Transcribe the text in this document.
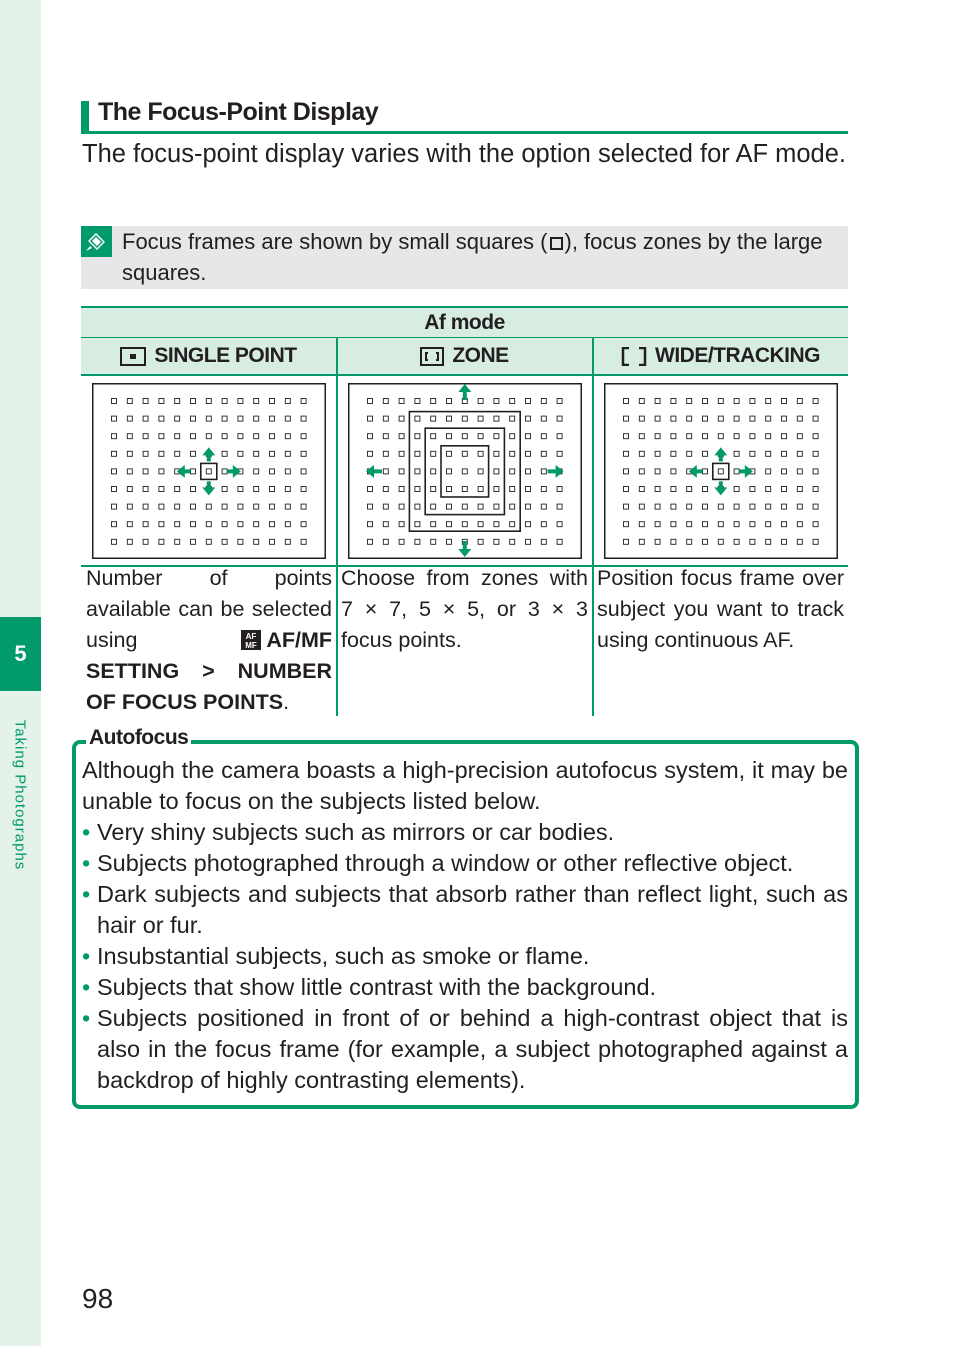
5
Taking Photographs
The Focus-Point Display
The focus-point display varies with the option selected for AF mode.
Focus frames are shown by small squares ( ), focus zones by the large squares.
Af mode
SINGLE POINT	ZONE	WIDE/TRACKING
Number of points available can be selected using AF
MF AF/MF SETTING > NUMBER OF FOCUS POINTS.
Choose from zones with 7 × 7, 5 × 5, or 3 × 3 focus points.
Position focus frame over subject you want to track using continuous AF.
Autofocus

Although the camera boasts a high-precision autofocus system, it may be unable to focus on the subjects listed below.

• Very shiny subjects such as mirrors or car bodies.
• Subjects photographed through a window or other reflective object.
• Dark subjects and subjects that absorb rather than reflect light, such as hair or fur.
• Insubstantial subjects, such as smoke or flame.
• Subjects that show little contrast with the background.
• Subjects positioned in front of or behind a high-contrast object that is also in the focus frame (for example, a subject photographed against a backdrop of highly contrasting elements).
98
